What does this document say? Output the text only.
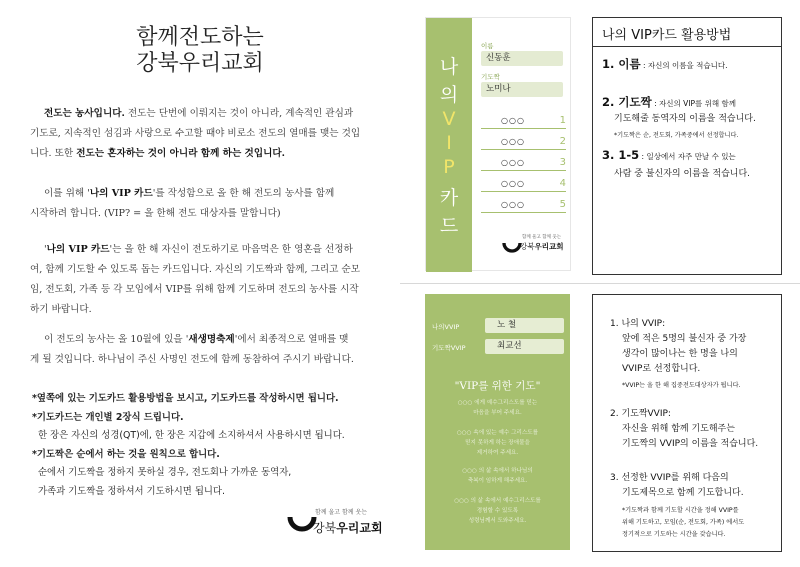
함께전도하는
강북우리교회
전도는 농사입니다. 전도는 단번에 이뤄지는 것이 아니라, 계속적인 관심과
기도로, 지속적인 섬김과 사랑으로 수고할 때야 비로소 전도의 열매를 맺는 것입
니다. 또한 전도는 혼자하는 것이 아니라 함께 하는 것입니다.
이를 위해 '나의 VIP 카드'를 작성함으로 올 한 해 전도의 농사를 함께
시작하려 합니다. (VIP? = 올 한해 전도 대상자를 말합니다)
'나의 VIP 카드'는 올 한 해 자신이 전도하기로 마음먹은 한 영혼을 선정하
여, 함께 기도할 수 있도록 돕는 카드입니다. 자신의 기도짝과 함께, 그리고 순모
임, 전도회, 가족 등 각 모임에서 VIP를 위해 함께 기도하며 전도의 농사를 시작
하기 바랍니다.
이 전도의 농사는 올 10월에 있을 '새생명축제'에서 최종적으로 열매를 맺
게 될 것입니다. 하나님이 주신 사명인 전도에 함께 동참하여 주시기 바랍니다.
*옆쪽에 있는 기도카드 활용방법을 보시고, 기도카드를 작성하시면 됩니다.
*기도카드는 개인별 2장식 드립니다.
한 장은 자신의 성경(QT)에, 한 장은 지갑에 소지하셔서 사용하시면 됩니다.
*기도짝은 순에서 하는 것을 원칙으로 합니다.
순에서 기도짝을 정하지 못하실 경우, 전도회나 가까운 동역자,
가족과 기도짝을 정하셔서 기도하시면 됩니다.
함께 울고 함께 웃는
강북우리교회
나
의
V
I
P
카
드
이름
신동훈
기도짝
노미나
○○○	1
○○○	2
○○○	3
○○○	4
○○○	5
함께 울고 함께 웃는
강북우리교회
나의 VIP카드 활용방법
1. 이름 : 자신의 이름을 적습니다.
2. 기도짝 : 자신의 VIP를 위해 함께
기도해줄 동역자의 이름을 적습니다.
*기도짝은 순, 전도회, 가족중에서 선정합니다.
3. 1-5 : 일상에서 자주 만날 수 있는
사람 중 불신자의 이름을 적습니다.
나의VVIP	노 철
기도짝VVIP	최교선
"VIP를 위한 기도"
○○○ 에게 예수그리스도를 믿는
마음을 부어 주세요.
○○○ 속에 있는 예수 그리스도를
믿지 못하게 하는 장애물을
제거하여 주세요.
○○○ 의 삶 속에서 하나님의
축복이 임하게 해주세요.
○○○ 의 삶 속에서 예수그리스도를
경험할 수 있도록
성령님께서 도와주세요.
1. 나의 VVIP:
앞에 적은 5명의 불신자 중 가장
생각이 많이나는 한 명을 나의
VVIP로 선정합니다.
*VVIP는 올 한 해 집중전도대상자가 됩니다.
2. 기도짝VVIP:
자신을 위해 함께 기도해주는
기도짝의 VVIP의 이름을 적습니다.
3. 선정한 VVIP를 위해 다음의
기도제목으로 함께 기도합니다.
*기도짝과 함께 기도할 시간을 정해 VVIP를
위해 기도하고, 모임(순, 전도회, 가족) 에서도
정기적으로 기도하는 시간을 갖습니다.
